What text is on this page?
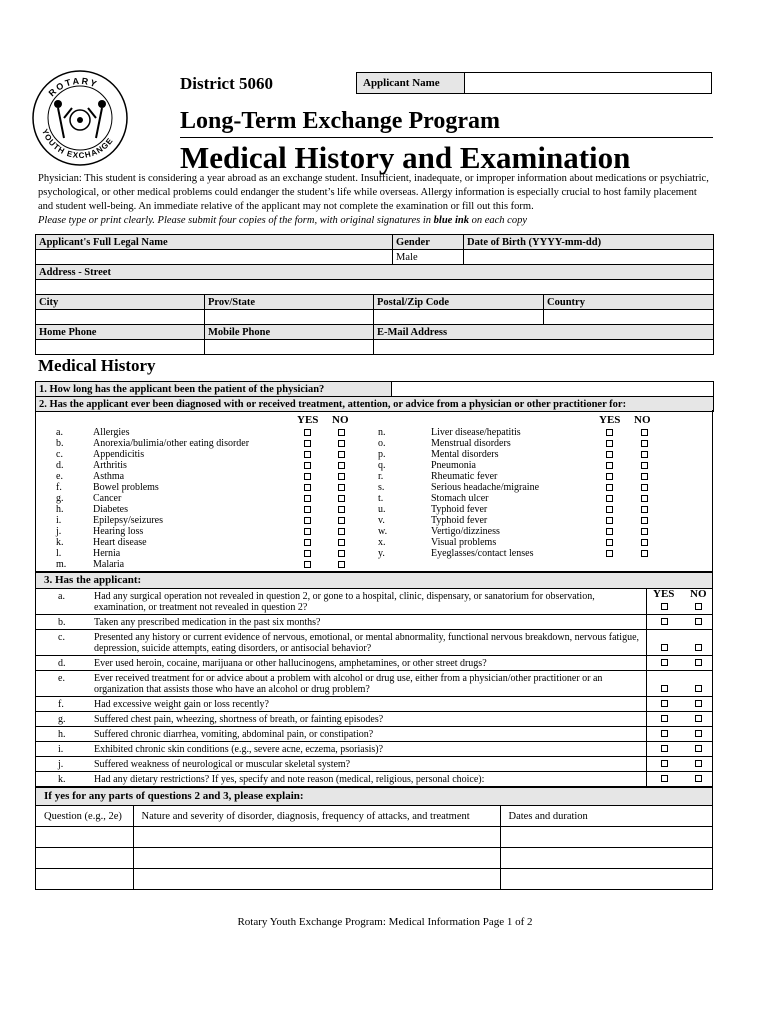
ROTARY
YOUTH EXCHANGE
District 5060	Applicant Name
Long-Term Exchange Program
Medical History and Examination

Physician: This student is considering a year abroad as an exchange student. Insufficient, inadequate, or improper information about medications or psychiatric, psychological, or other medical problems could endanger the student’s life while overseas. Allergy information is especially crucial to host family placement and student well-being. An immediate relative of the applicant may not complete the examination or fill out this form.

Please type or print clearly. Please submit four copies of the form, with original signatures in blue ink on each copy

Applicant's Full Legal Name			Gender	Date of Birth (YYYY-mm-dd)	
			Male		
Address - Street					

City	Prov/State	Postal/Zip Code			Country

Home Phone	Mobile Phone	E-Mail Address			

Medical History
1. How long has the applicant been the patient of the physician?	
2. Has the applicant ever been diagnosed with or received treatment, attention, or advice from a physician or other practitioner for:
YES NO	YES NO
a.	Allergies
b.	Anorexia/bulimia/other eating disorder
c.	Appendicitis
d.	Arthritis
e.	Asthma
f.	Bowel problems
g.	Cancer
h.	Diabetes
i.	Epilepsy/seizures
j.	Hearing loss
k.	Heart disease
l.	Hernia
m.	Malaria
n.	Liver disease/hepatitis
o.	Menstrual disorders
p.	Mental disorders
q.	Pneumonia
r.	Rheumatic fever
s.	Serious headache/migraine
t.	Stomach ulcer
u.	Typhoid fever
v.	Typhoid fever
w.	Vertigo/dizziness
x.	Visual problems
y.	Eyeglasses/contact lenses
3. Has the applicant:
a.	Had any surgical operation not revealed in question 2, or gone to a hospital, clinic, dispensary, or sanatorium for observation, examination, or treatment not revealed in question 2?
YES NO
b.	Taken any prescribed medication in the past six months?
c.	Presented any history or current evidence of nervous, emotional, or mental abnormality, functional nervous breakdown, nervous fatigue, depression, suicide attempts, eating disorders, or antisocial behavior?
d.	Ever used heroin, cocaine, marijuana or other hallucinogens, amphetamines, or other street drugs?
e.	Ever received treatment for or advice about a problem with alcohol or drug use, either from a physician/other practitioner or an organization that assists those who have an alcohol or drug problem?
f.	Had excessive weight gain or loss recently?
g.	Suffered chest pain, wheezing, shortness of breath, or fainting episodes?
h.	Suffered chronic diarrhea, vomiting, abdominal pain, or constipation?
i.	Exhibited chronic skin conditions (e.g., severe acne, eczema, psoriasis)?
j.	Suffered weakness of neurological or muscular skeletal system?
k.	Had any dietary restrictions? If yes, specify and note reason (medical, religious, personal choice):
If yes for any parts of questions 2 and 3, please explain:
Question (e.g., 2e)	Nature and severity of disorder, diagnosis, frequency of attacks, and treatment	Dates and duration

Rotary Youth Exchange Program: Medical Information Page 1 of 2
